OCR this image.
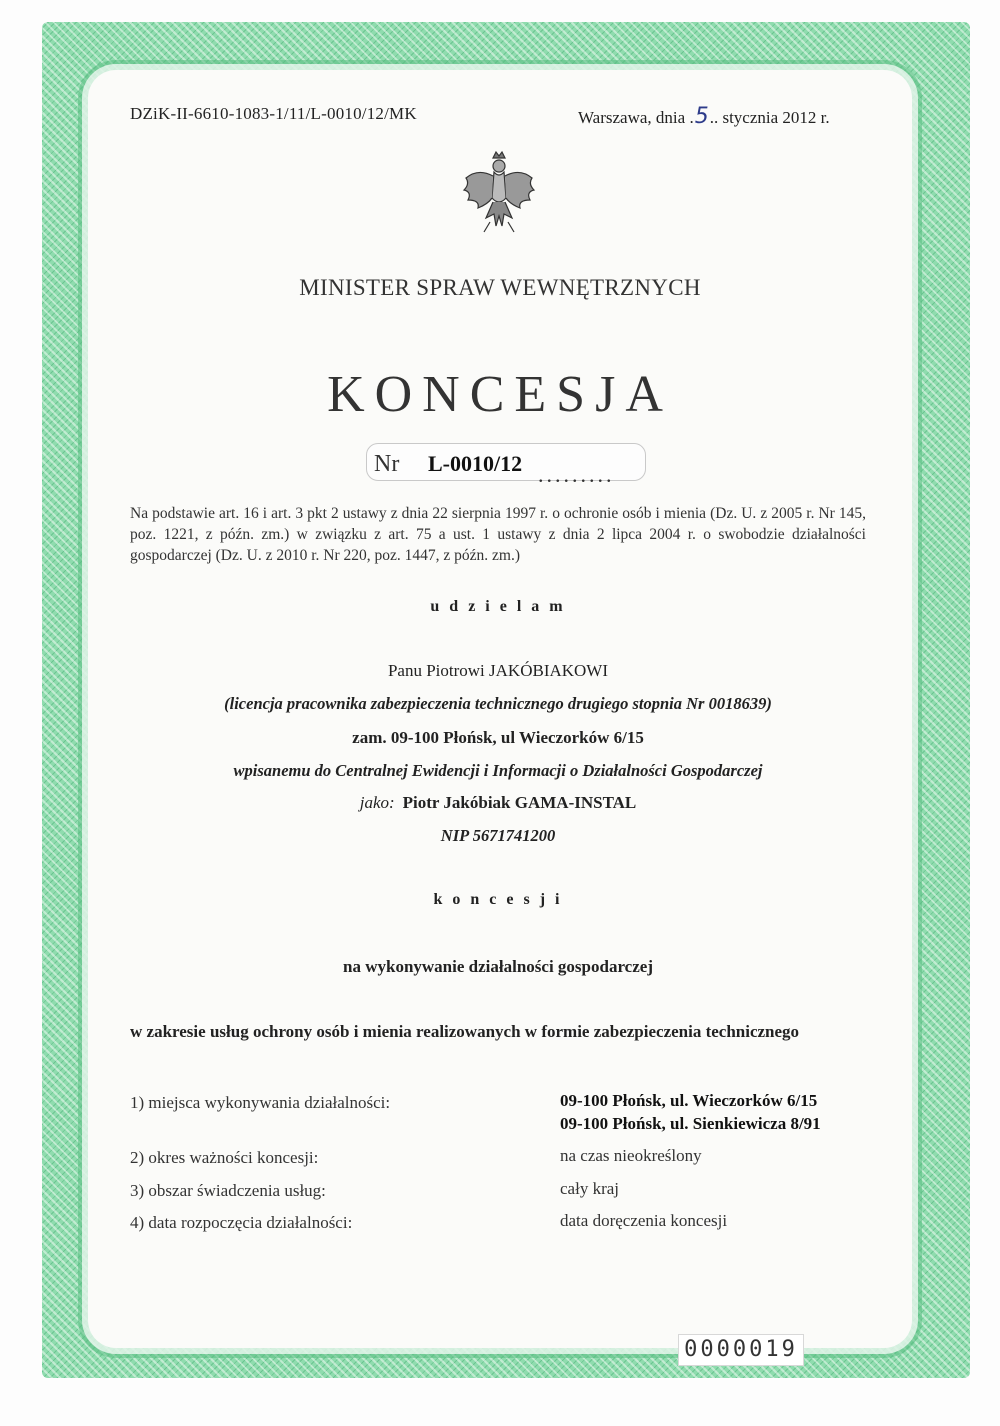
DZiK-II-6610-1083-1/11/L-0010/12/MK	Warszawa, dnia .5.. stycznia 2012 r.
MINISTER SPRAW WEWNĘTRZNYCH
KONCESJA
Nr L-0010/12 .........
Na podstawie art. 16 i art. 3 pkt 2 ustawy z dnia 22 sierpnia 1997 r. o ochronie osób i mienia (Dz. U. z 2005 r. Nr 145, poz. 1221, z późn. zm.) w związku z art. 75 a ust. 1 ustawy z dnia 2 lipca 2004 r. o swobodzie działalności gospodarczej (Dz. U. z 2010 r. Nr 220, poz. 1447, z późn. zm.)
u d z i e l a m
Panu Piotrowi JAKÓBIAKOWI
(licencja pracownika zabezpieczenia technicznego drugiego stopnia Nr 0018639)
zam. 09-100 Płońsk, ul Wieczorków 6/15
wpisanemu do Centralnej Ewidencji i Informacji o Działalności Gospodarczej
jako: Piotr Jakóbiak GAMA-INSTAL
NIP 5671741200
k o n c e s j i
na wykonywanie działalności gospodarczej
w zakresie usług ochrony osób i mienia realizowanych w formie zabezpieczenia technicznego
1) miejsca wykonywania działalności:	09-100 Płońsk, ul. Wieczorków 6/15
09-100 Płońsk, ul. Sienkiewicza 8/91
2) okres ważności koncesji:	na czas nieokreślony
3) obszar świadczenia usług:	cały kraj
4) data rozpoczęcia działalności:	data doręczenia koncesji
0000019
